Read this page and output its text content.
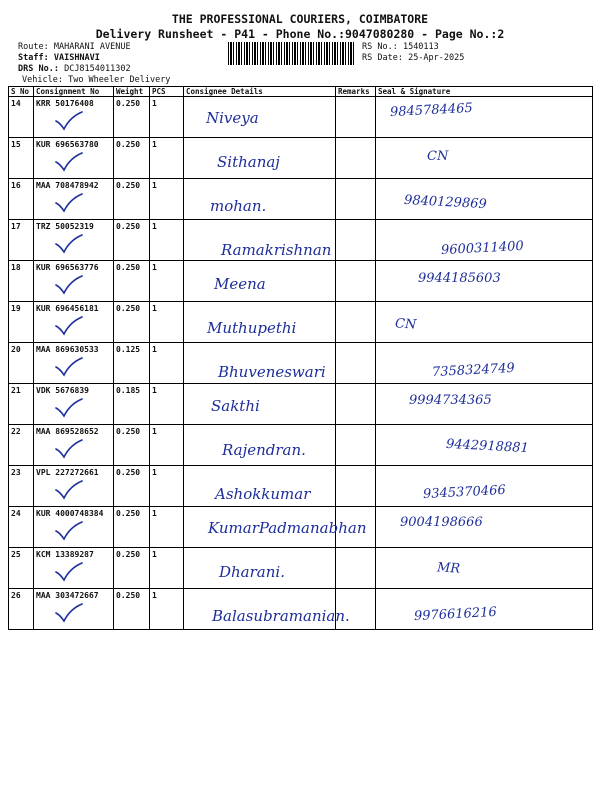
THE PROFESSIONAL COURIERS, COIMBATORE
Delivery Runsheet - P41 - Phone No.:9047080280 - Page No.:2
Route: MAHARANI AVENUE
Staff: VAISHNAVI
DRS No.: DCJ8154011302
Vehicle: Two Wheeler Delivery
RS No.: 1540113
RS Date: 25-Apr-2025
S No	Consignment No	Weight	PCS	Consignee Details	Remarks	Seal & Signature
14	KRR 50176408	0.250	1	Niveya		9845784465

15	KUR 696563780	0.250	1	Sithanaj		CN

16	MAA 708478942	0.250	1	mohan.		9840129869

17	TRZ 50052319	0.250	1	Ramakrishnan		9600311400

18	KUR 696563776	0.250	1	Meena		9944185603

19	KUR 696456181	0.250	1	Muthupethi		CN

20	MAA 869630533	0.125	1	Bhuveneswari		7358324749

21	VDK 5676839	0.185	1	Sakthi		9994734365

22	MAA 869528652	0.250	1	Rajendran.		9442918881

23	VPL 227272661	0.250	1	Ashokkumar		9345370466

24	KUR 4000748384	0.250	1	KumarPadmanabhan		9004198666

25	KCM 13389287	0.250	1	Dharani.		MR

26	MAA 303472667	0.250	1	Balasubramanian.		9976616216
